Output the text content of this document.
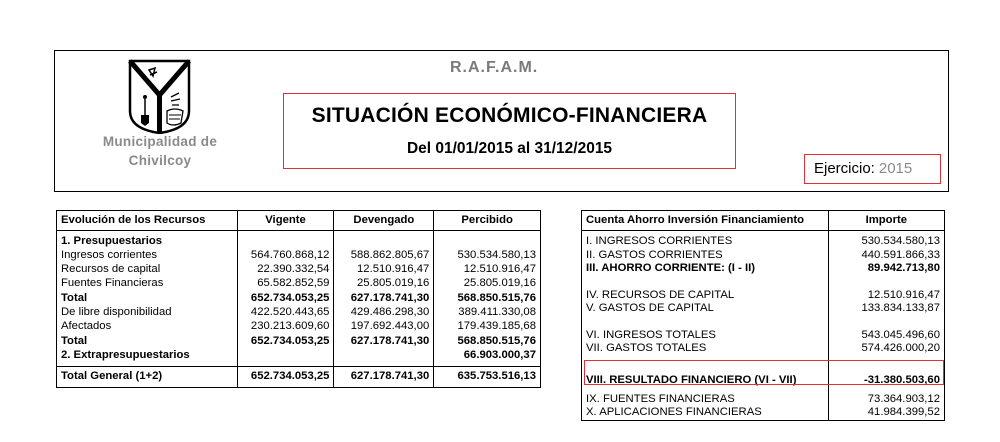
Municipalidad de
Chivilcoy
R.A.F.A.M.
SITUACIÓN ECONÓMICO-FINANCIERA
Del 01/01/2015 al 31/12/2015
Ejercicio: 2015
Evolución de los Recursos	Vigente	Devengado	Percibido
1. Presupuestarios			
Ingresos corrientes	564.760.868,12	588.862.805,67	530.534.580,13
Recursos de capital	22.390.332,54	12.510.916,47	12.510.916,47
Fuentes Financieras	65.582.852,59	25.805.019,16	25.805.019,16
Total	652.734.053,25	627.178.741,30	568.850.515,76
De libre disponibilidad	422.520.443,65	429.486.298,30	389.411.330,08
Afectados	230.213.609,60	197.692.443,00	179.439.185,68
Total	652.734.053,25	627.178.741,30	568.850.515,76
2. Extrapresupuestarios			66.903.000,37
Total General (1+2)	652.734.053,25	627.178.741,30	635.753.516,13
Cuenta Ahorro Inversión Financiamiento	Importe
I. INGRESOS CORRIENTES	530.534.580,13
II. GASTOS CORRIENTES	440.591.866,33
III. AHORRO CORRIENTE: (I - II)	89.942.713,80

IV. RECURSOS DE CAPITAL	12.510.916,47
V. GASTOS DE CAPITAL	133.834.133,87

VI. INGRESOS TOTALES	543.045.496,60
VII. GASTOS TOTALES	574.426.000,20

VIII. RESULTADO FINANCIERO (VI - VII)	-31.380.503,60
IX. FUENTES FINANCIERAS	73.364.903,12
X. APLICACIONES FINANCIERAS	41.984.399,52
